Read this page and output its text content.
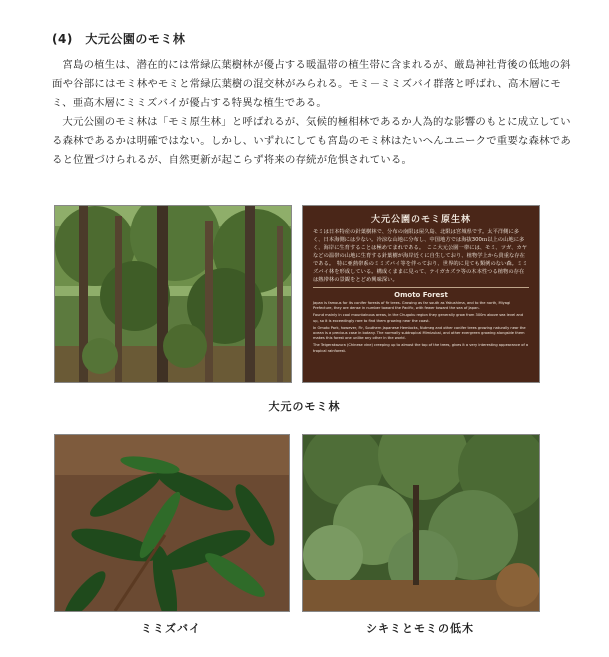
(4)　大元公園のモミ林

宮島の植生は、潜在的には常緑広葉樹林が優占する暖温帯の植生帯に含まれるが、厳島神社背後の低地の斜面や谷部にはモミ林やモミと常緑広葉樹の混交林がみられる。モミ－ミミズバイ群落と呼ばれ、高木層にモミ、亜高木層にミミズバイが優占する特異な植生である。

大元公園のモミ林は「モミ原生林」と呼ばれるが、気候的極相林であるか人為的な影響のもとに成立している森林であるかは明確ではない。しかし、いずれにしても宮島のモミ林はたいへんユニークで重要な森林であると位置づけられるが、自然更新が起こらず将来の存続が危惧されている。

大元公園のモミ原生林

モミは日本特産の針葉樹林で、分布の南限は屋久島、北限は宮城県です。太平洋側に多く、日本海側には少ない。冷涼な山地に分布し、中国地方では海抜300ｍ以上の山地に多く、海岸に生育することは極めてまれである。　ここ大元公園一帯には、モミ、ツガ、カヤなどの温帯の山地に生育する針葉樹が海岸近くに自生しており、植物学上から貴重な存在である。　特に亜熱帯系のミミズバイ等を伴っており、世界的に見ても類例のない森。ミミズバイ林を形成している。構成くままに見って、テイガカズラ等の木本性つる植物の存在は熱帯林の景観をとどめ興味深い。

Omoto Forest

Japan is famous for its conifer forests of fir trees. Growing as far south as Yakushima, and to the north, Miyagi Prefecture, they are dense in number toward the Pacific, with fewer toward the sea of Japan.

Found mainly in cool mountainous areas, in the Chugoku region they generally grow from 300m above sea level and up, so it is exceedingly rare to find them growing near the coast.

In Omoto Park, however, Fir, Southern Japanese Hemlocks, Nutmeg and other conifer trees growing naturally near the ocean is a precious case in botany. The normally subtropical Mimizubai, and other evergreen growing alongside them makes this forest one unlike any other in the world.

The Teigerakazura (Chinese vine) creeping up to almost the top of the trees, gives it a very interesting appearance of a tropical rainforest.

大元のモミ林
ミミズバイ	シキミとモミの低木
